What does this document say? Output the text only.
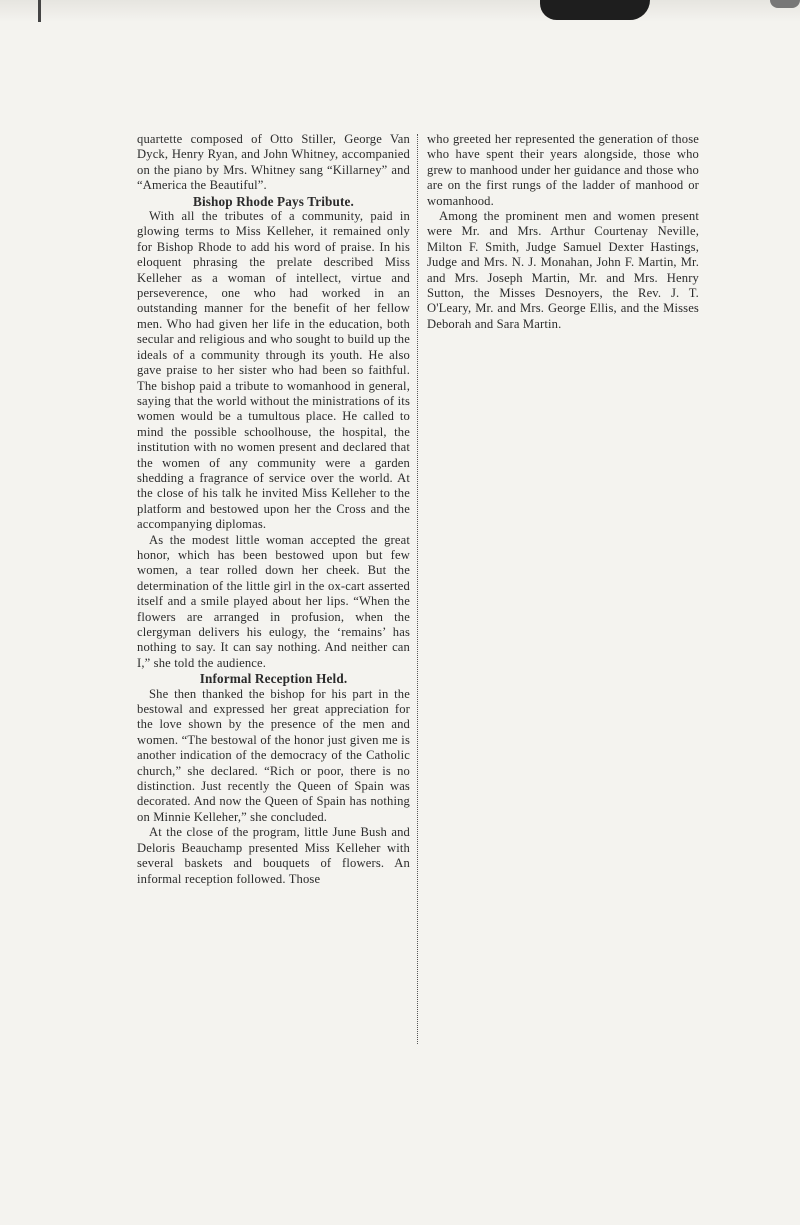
quartette composed of Otto Stiller, George Van Dyck, Henry Ryan, and John Whitney, accompanied on the piano by Mrs. Whitney sang “Killarney” and “America the Beautiful”.

Bishop Rhode Pays Tribute.

With all the tributes of a community, paid in glowing terms to Miss Kelleher, it remained only for Bishop Rhode to add his word of praise. In his eloquent phrasing the prelate described Miss Kelleher as a woman of intellect, virtue and perseverence, one who had worked in an outstanding manner for the benefit of her fellow men. Who had given her life in the education, both secular and religious and who sought to build up the ideals of a community through its youth. He also gave praise to her sister who had been so faithful. The bishop paid a tribute to womanhood in general, saying that the world without the ministrations of its women would be a tumultous place. He called to mind the possible schoolhouse, the hospital, the institution with no women present and declared that the women of any community were a garden shedding a fragrance of service over the world. At the close of his talk he invited Miss Kelleher to the platform and bestowed upon her the Cross and the accompanying diplomas.

As the modest little woman accepted the great honor, which has been bestowed upon but few women, a tear rolled down her cheek. But the determination of the little girl in the ox-cart asserted itself and a smile played about her lips. “When the flowers are arranged in profusion, when the clergyman delivers his eulogy, the ‘remains’ has nothing to say. It can say nothing. And neither can I,” she told the audience.

Informal Reception Held.

She then thanked the bishop for his part in the bestowal and expressed her great appreciation for the love shown by the presence of the men and women. “The bestowal of the honor just given me is another indication of the democracy of the Catholic church,” she declared. “Rich or poor, there is no distinction. Just recently the Queen of Spain was decorated. And now the Queen of Spain has nothing on Minnie Kelleher,” she concluded.

At the close of the program, little June Bush and Deloris Beauchamp presented Miss Kelleher with several baskets and bouquets of flowers. An informal reception followed. Those

who greeted her represented the generation of those who have spent their years alongside, those who grew to manhood under her guidance and those who are on the first rungs of the ladder of manhood or womanhood.

Among the prominent men and women present were Mr. and Mrs. Arthur Courtenay Neville, Milton F. Smith, Judge Samuel Dexter Hastings, Judge and Mrs. N. J. Monahan, John F. Martin, Mr. and Mrs. Joseph Martin, Mr. and Mrs. Henry Sutton, the Misses Desnoyers, the Rev. J. T. O'Leary, Mr. and Mrs. George Ellis, and the Misses Deborah and Sara Martin.
